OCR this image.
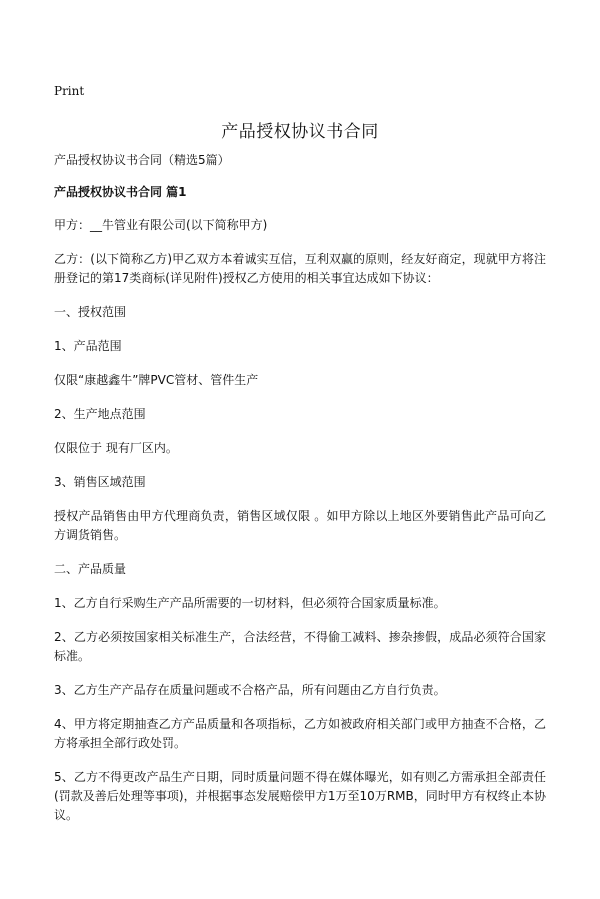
Print
产品授权协议书合同

产品授权协议书合同（精选5篇）

产品授权协议书合同 篇1

甲方：__牛管业有限公司(以下简称甲方)

乙方：(以下简称乙方)甲乙双方本着诚实互信，互利双赢的原则，经友好商定，现就甲方将注册登记的第17类商标(详见附件)授权乙方使用的相关事宜达成如下协议：

一、授权范围

1、产品范围

仅限“康越鑫牛”牌PVC管材、管件生产

2、生产地点范围

仅限位于 现有厂区内。

3、销售区域范围

授权产品销售由甲方代理商负责，销售区域仅限 。如甲方除以上地区外要销售此产品可向乙方调货销售。

二、产品质量

1、乙方自行采购生产产品所需要的一切材料，但必须符合国家质量标准。

2、乙方必须按国家相关标准生产，合法经营，不得偷工减料、掺杂掺假，成品必须符合国家标准。

3、乙方生产产品存在质量问题或不合格产品，所有问题由乙方自行负责。

4、甲方将定期抽查乙方产品质量和各项指标，乙方如被政府相关部门或甲方抽查不合格，乙方将承担全部行政处罚。

5、乙方不得更改产品生产日期，同时质量问题不得在媒体曝光，如有则乙方需承担全部责任(罚款及善后处理等事项)，并根据事态发展赔偿甲方1万至10万RMB，同时甲方有权终止本协议。
